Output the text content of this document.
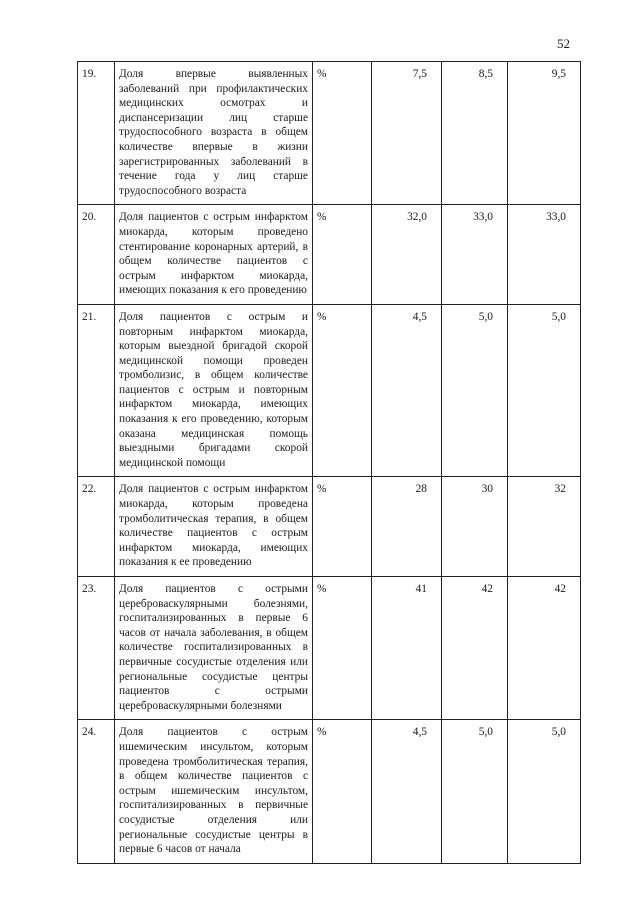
52
19.	Доля впервые выявленных заболеваний при профилактических медицинских осмотрах и диспансеризации лиц старше трудоспособного возраста в общем количестве впервые в жизни зарегистрированных заболеваний в течение года у лиц старше трудоспособного возраста	%	7,5	8,5	9,5
20.	Доля пациентов с острым инфарктом миокарда, которым проведено стентирование коронарных артерий, в общем количестве пациентов с острым инфарктом миокарда, имеющих показания к его проведению	%	32,0	33,0	33,0
21.	Доля пациентов с острым и повторным инфарктом миокарда, которым выездной бригадой скорой медицинской помощи проведен тромболизис, в общем количестве пациентов с острым и повторным инфарктом миокарда, имеющих показания к его проведению, которым оказана медицинская помощь выездными бригадами скорой медицинской помощи	%	4,5	5,0	5,0
22.	Доля пациентов с острым инфарктом миокарда, которым проведена тромболитическая терапия, в общем количестве пациентов с острым инфарктом миокарда, имеющих показания к ее проведению	%	28	30	32
23.	Доля пациентов с острыми цереброваскулярными болезнями, госпитализированных в первые 6 часов от начала заболевания, в общем количестве госпитализированных в первичные сосудистые отделения или региональные сосудистые центры пациентов с острыми цереброваскулярными болезнями	%	41	42	42
24.	Доля пациентов с острым ишемическим инсультом, которым проведена тромболитическая терапия, в общем количестве пациентов с острым ишемическим инсультом, госпитализированных в первичные сосудистые отделения или региональные сосудистые центры в первые 6 часов от начала	%	4,5	5,0	5,0
